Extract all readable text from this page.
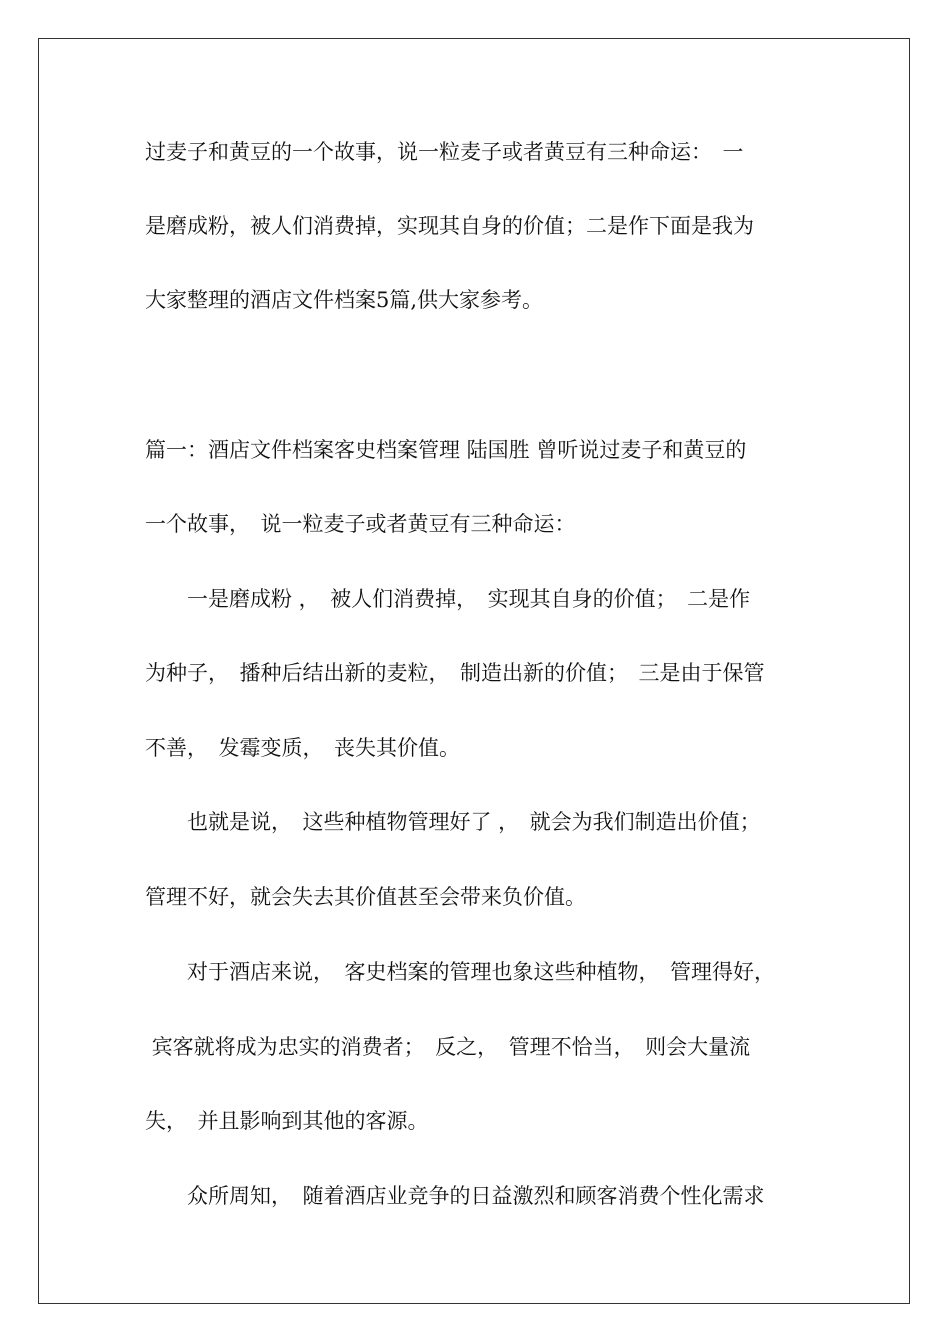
过麦子和黄豆的一个故事，说一粒麦子或者黄豆有三种命运：　一
是磨成粉，被人们消费掉，实现其自身的价值；二是作下面是我为
大家整理的酒店文件档案5篇,供大家参考。
篇一：酒店文件档案客史档案管理 陆国胜 曾听说过麦子和黄豆的
一个故事，　说一粒麦子或者黄豆有三种命运：
　　一是磨成粉 ，　被人们消费掉，　实现其自身的价值；　二是作
为种子，　播种后结出新的麦粒，　制造出新的价值；　三是由于保管
不善，　发霉变质，　丧失其价值。
　　也就是说，　这些种植物管理好了 ，　就会为我们制造出价值；
管理不好，就会失去其价值甚至会带来负价值。
　　对于酒店来说，　客史档案的管理也象这些种植物，　管理得好，
宾客就将成为忠实的消费者；　反之，　管理不恰当，　则会大量流
失，　并且影响到其他的客源。
　　众所周知，　随着酒店业竞争的日益激烈和顾客消费个性化需求
